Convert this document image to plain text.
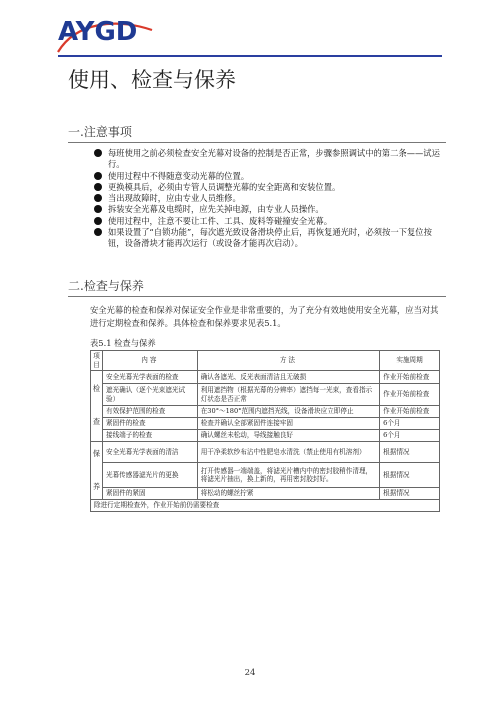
AYGD
使用、检查与保养
一.注意事项
每班使用之前必须检查安全光幕对设备的控制是否正常，步骤参照调试中的第二条——试运行。
使用过程中不得随意变动光幕的位置。
更换模具后，必须由专管人员调整光幕的安全距离和安装位置。
当出现故障时，应由专业人员维修。
拆装安全光幕及电缆时，应先关掉电源，由专业人员操作。
使用过程中，注意不要让工件、工具、废料等碰撞安全光幕。
如果设置了“自锁功能”，每次遮光致设备滑块停止后，再恢复通光时，必须按一下复位按钮，设备滑块才能再次运行（或设备才能再次启动）。
二.检查与保养
安全光幕的检查和保养对保证安全作业是非常重要的，为了充分有效地使用安全光幕，应当对其进行定期检查和保养。具体检查和保养要求见表5.1。
表5.1 检查与保养
项目	内容	方法	实施周期
检

查	安全光幕光学表面的检查	确认各遮光、反光表面清洁且无破损	作业开始前检查
	遮光确认（逐个光束遮光试验）	利用遮挡物（根据光幕的分辨率）遮挡每一光束，查看指示灯状态是否正常	作业开始前检查
	有效保护范围的检查	在30°～180°范围内遮挡光线，设备滑块应立即停止	作业开始前检查
	紧固件的检查	检查并确认全部紧固件连接牢固	6个月
	接线端子的检查	确认螺丝未松动，导线接触良好	6个月
保

养	安全光幕光学表面的清洁	用干净柔软纱布沾中性肥皂水清洗（禁止使用有机溶剂）	根据情况
	光幕传感器滤光片的更换	打开传感器一端端盖，将滤光片槽内中的密封胶稍作清理，将滤光片抽出，换上新的，再用密封胶封好。	根据情况
	紧固件的紧固	将松动的螺丝拧紧	根据情况
除进行定期检查外，作业开始前仍需要检查			
24
